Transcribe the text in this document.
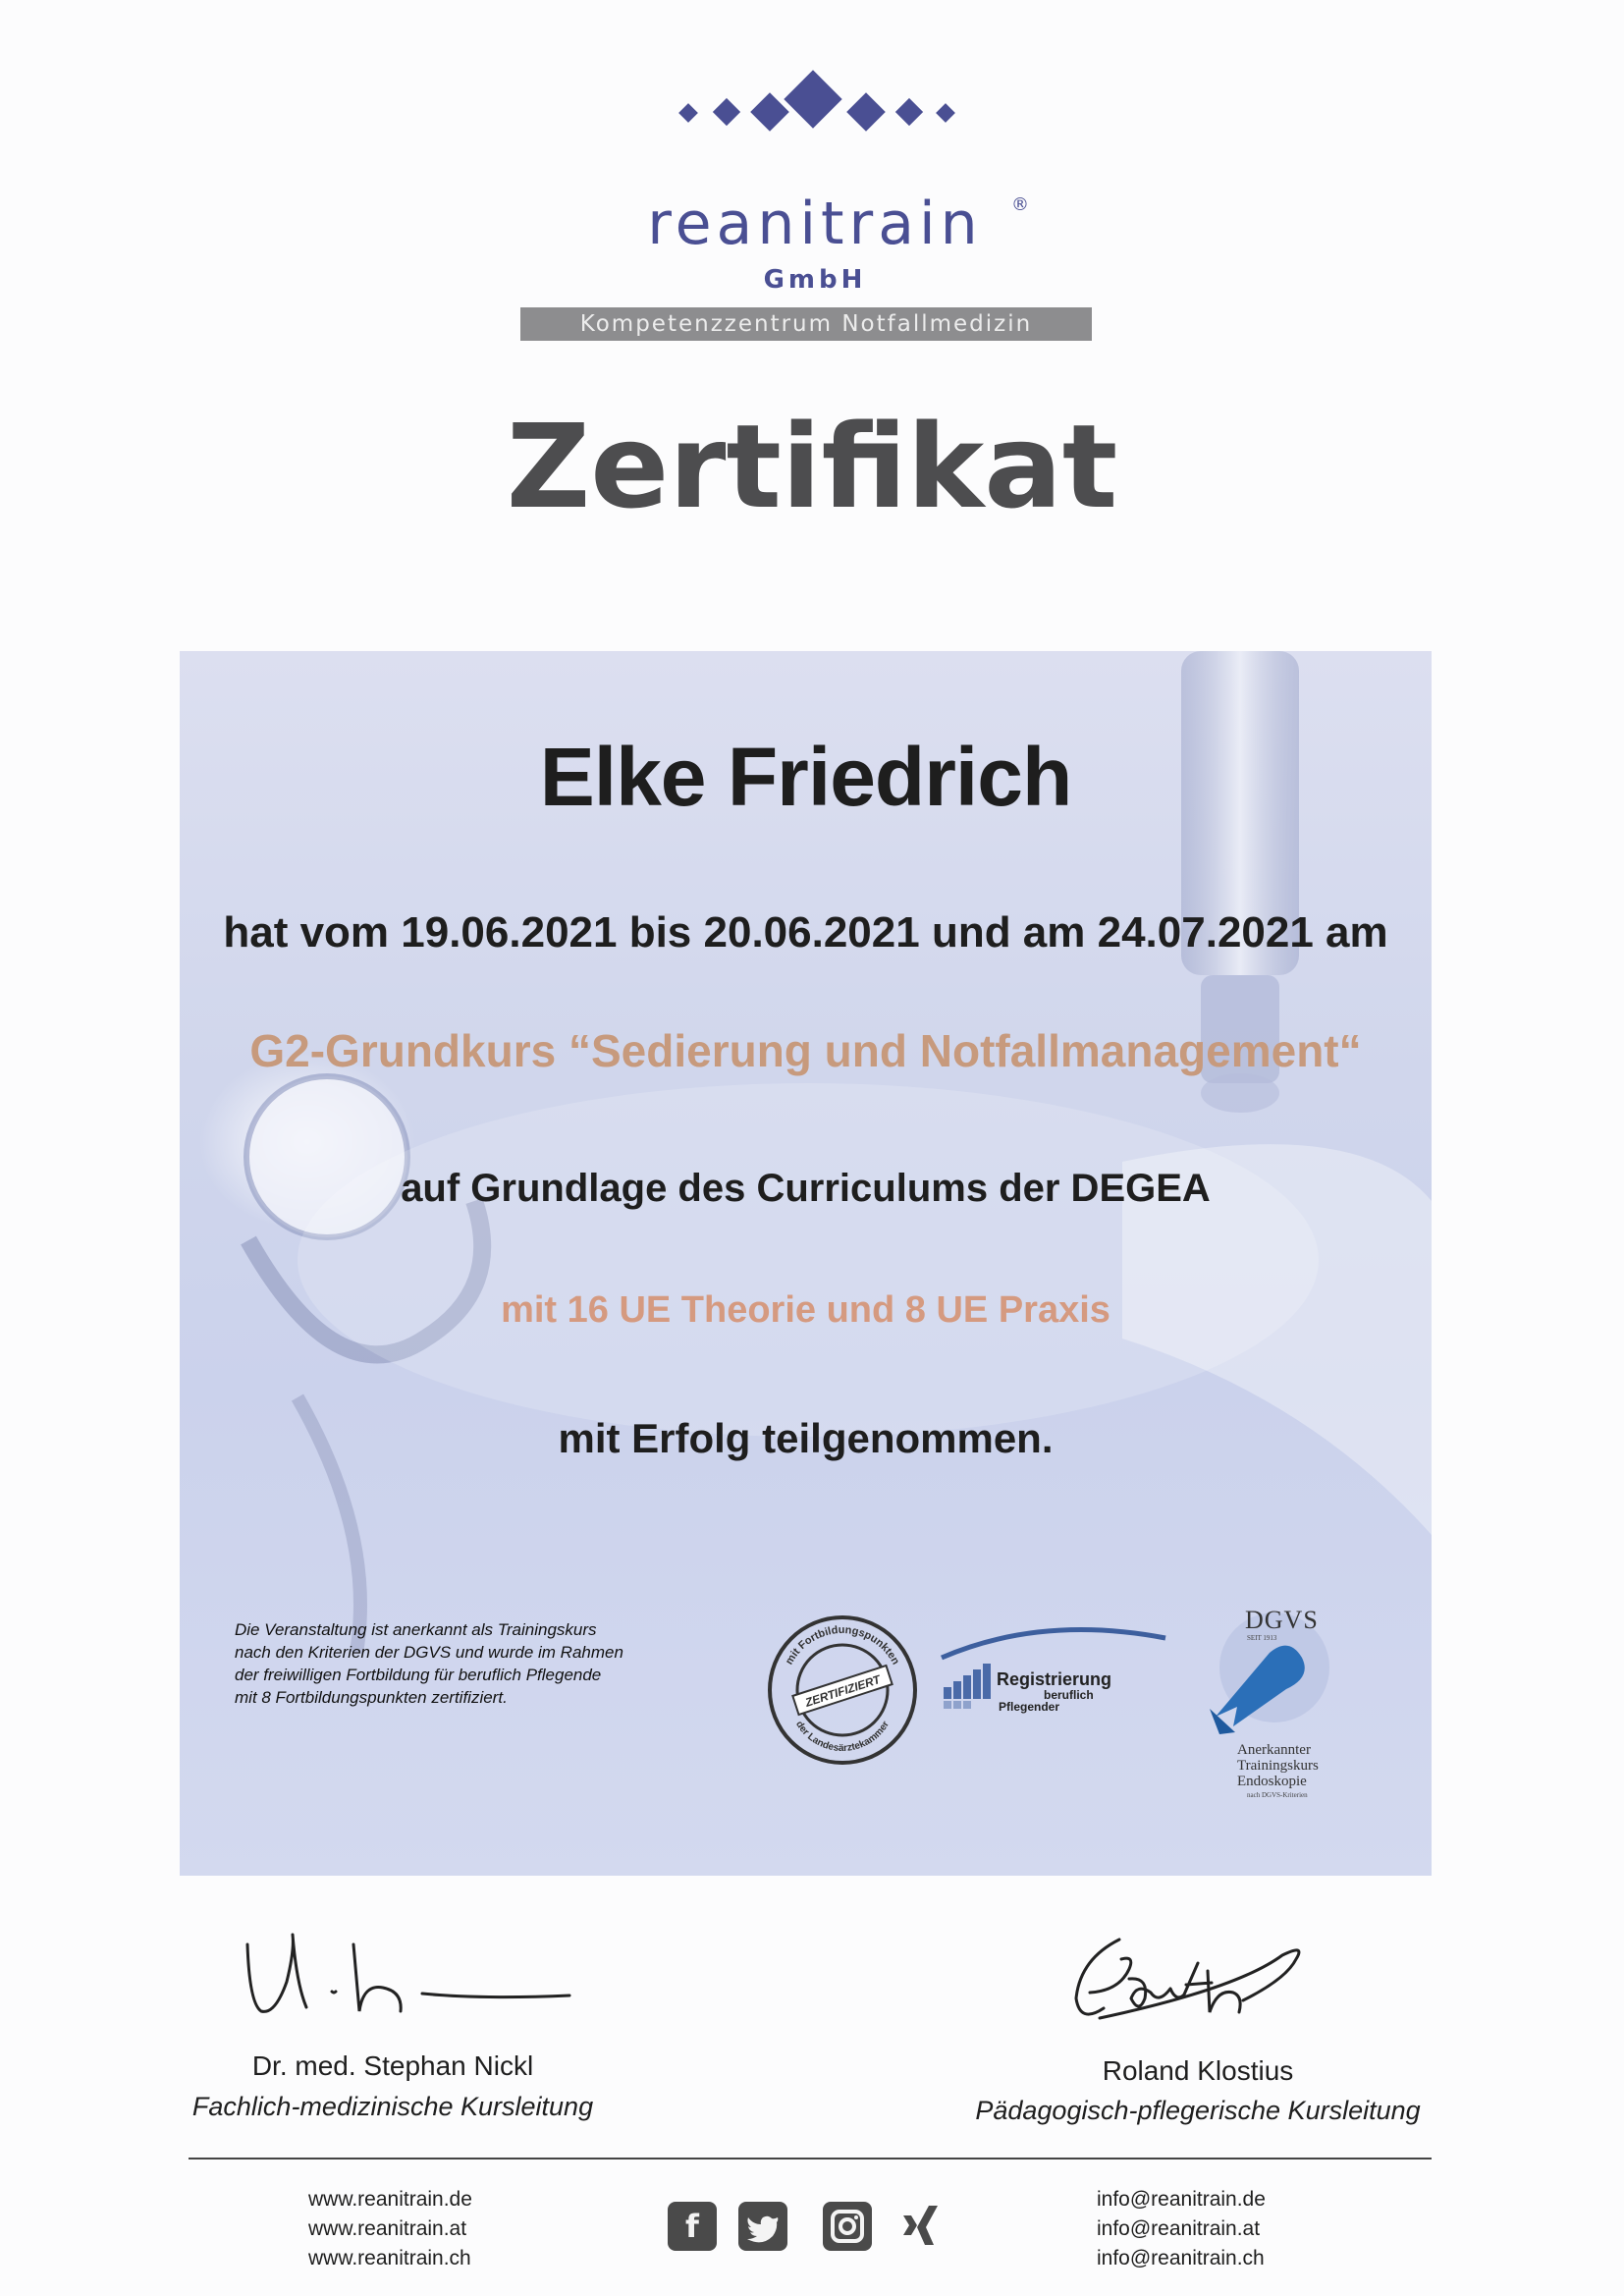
reanitrain	®
GmbH
Kompetenzzentrum Notfallmedizin
Zertifikat
Elke Friedrich
hat vom 19.06.2021 bis 20.06.2021 und am 24.07.2021 am
G2-Grundkurs “Sedierung und Notfallmanagement“
auf Grundlage des Curriculums der DEGEA
mit 16 UE Theorie und 8 UE Praxis
mit Erfolg teilgenommen.
Die Veranstaltung ist anerkannt als Trainingskurs
nach den Kriterien der DGVS und wurde im Rahmen
der freiwilligen Fortbildung für beruflich Pflegende
mit 8 Fortbildungspunkten zertifiziert.
mit Fortbildungspunkten
der Landesärztekammer
ZERTIFIZIERT	Registrierung
beruflich
Pflegender
DGVS
SEIT 1913
Anerkannter
Trainingskurs
Endoskopie
nach DGVS-Kriterien
Dr. med. Stephan Nickl
Fachlich-medizinische Kursleitung
Roland Klostius
Pädagogisch-pflegerische Kursleitung
www.reanitrain.de
www.reanitrain.at
www.reanitrain.ch
f
info@reanitrain.de
info@reanitrain.at
info@reanitrain.ch
